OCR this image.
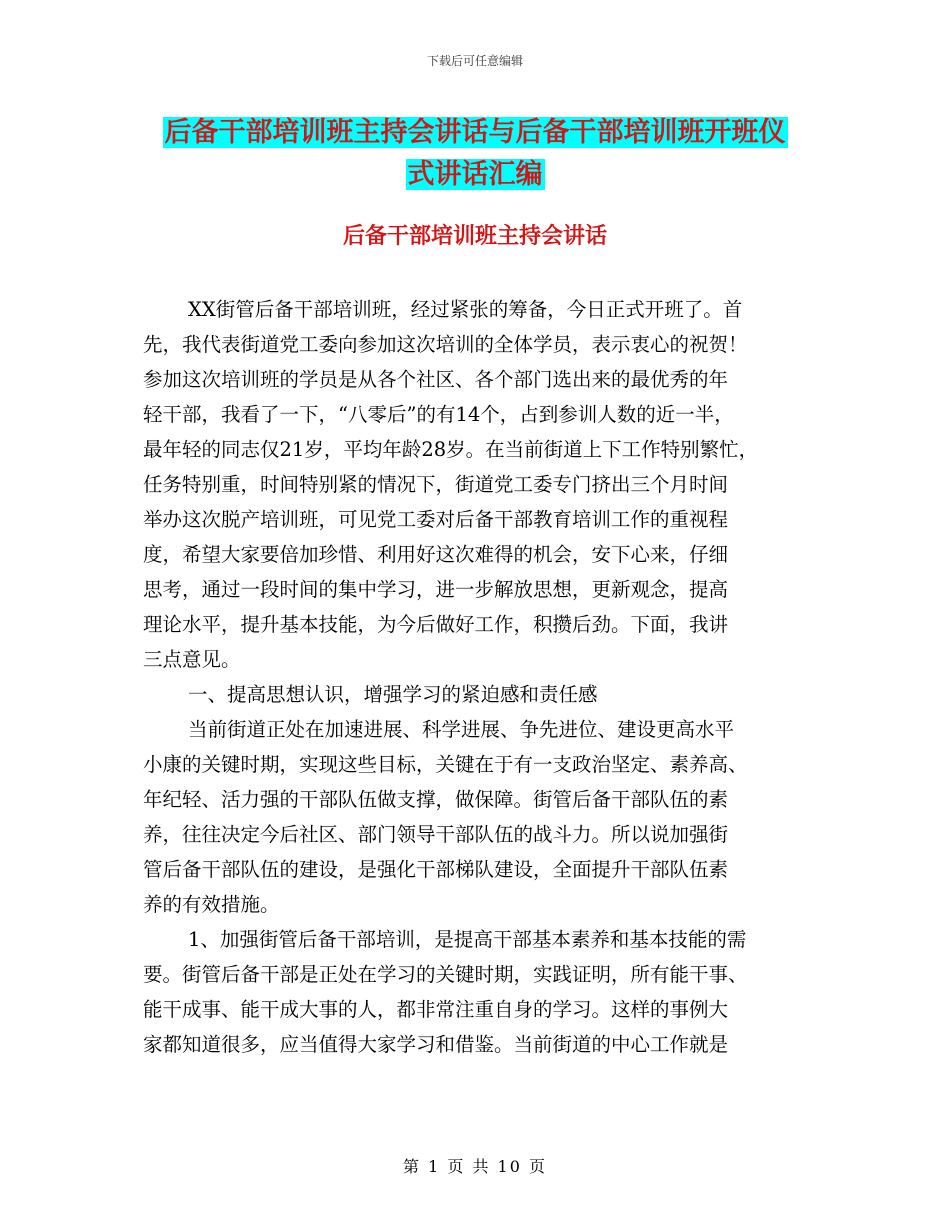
下载后可任意编辑
后备干部培训班主持会讲话与后备干部培训班开班仪
式讲话汇编
后备干部培训班主持会讲话
XX街管后备干部培训班，经过紧张的筹备，今日正式开班了。首
先，我代表街道党工委向参加这次培训的全体学员，表示衷心的祝贺！
参加这次培训班的学员是从各个社区、各个部门选出来的最优秀的年
轻干部，我看了一下，“八零后”的有14个，占到参训人数的近一半，
最年轻的同志仅21岁，平均年龄28岁。在当前街道上下工作特别繁忙，
任务特别重，时间特别紧的情况下，街道党工委专门挤出三个月时间
举办这次脱产培训班，可见党工委对后备干部教育培训工作的重视程
度，希望大家要倍加珍惜、利用好这次难得的机会，安下心来，仔细
思考，通过一段时间的集中学习，进一步解放思想，更新观念，提高
理论水平，提升基本技能，为今后做好工作，积攒后劲。下面，我讲
三点意见。
一、提高思想认识，增强学习的紧迫感和责任感
当前街道正处在加速进展、科学进展、争先进位、建设更高水平
小康的关键时期，实现这些目标，关键在于有一支政治坚定、素养高、
年纪轻、活力强的干部队伍做支撑，做保障。街管后备干部队伍的素
养，往往决定今后社区、部门领导干部队伍的战斗力。所以说加强街
管后备干部队伍的建设，是强化干部梯队建设，全面提升干部队伍素
养的有效措施。
1、加强街管后备干部培训，是提高干部基本素养和基本技能的需
要。街管后备干部是正处在学习的关键时期，实践证明，所有能干事、
能干成事、能干成大事的人，都非常注重自身的学习。这样的事例大
家都知道很多，应当值得大家学习和借鉴。当前街道的中心工作就是
第 1 页 共 10 页
